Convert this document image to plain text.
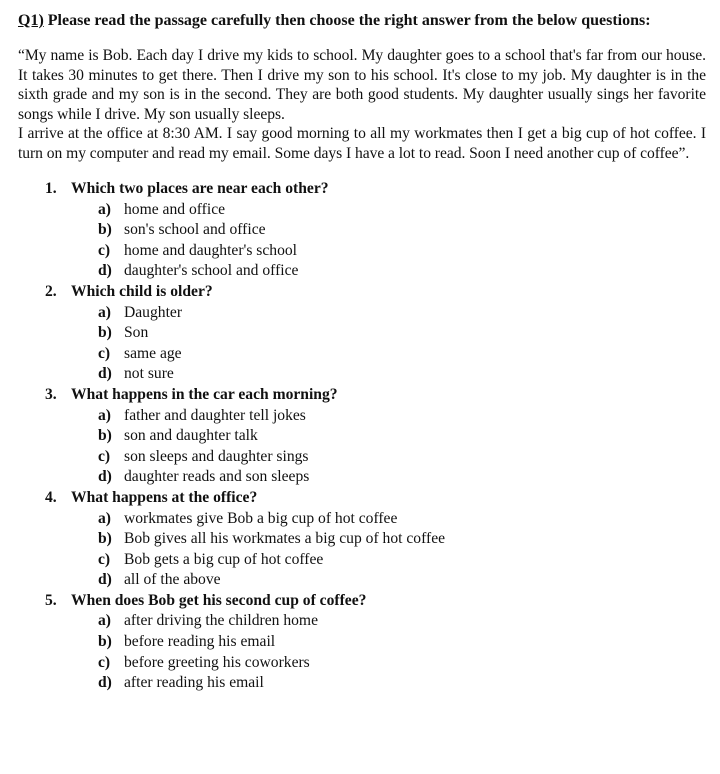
Q1) Please read the passage carefully then choose the right answer from the below questions:

“My name is Bob. Each day I drive my kids to school. My daughter goes to a school that's far from our house. It takes 30 minutes to get there. Then I drive my son to his school. It's close to my job. My daughter is in the sixth grade and my son is in the second. They are both good students. My daughter usually sings her favorite songs while I drive. My son usually sleeps.

I arrive at the office at 8:30 AM. I say good morning to all my workmates then I get a big cup of hot coffee. I turn on my computer and read my email. Some days I have a lot to read. Soon I need another cup of coffee”.

1. Which two places are near each other?
a) home and office
b) son's school and office
c) home and daughter's school
d) daughter's school and office
2. Which child is older?
a) Daughter
b) Son
c) same age
d) not sure
3. What happens in the car each morning?
a) father and daughter tell jokes
b) son and daughter talk
c) son sleeps and daughter sings
d) daughter reads and son sleeps
4. What happens at the office?
a) workmates give Bob a big cup of hot coffee
b) Bob gives all his workmates a big cup of hot coffee
c) Bob gets a big cup of hot coffee
d) all of the above
5. When does Bob get his second cup of coffee?
a) after driving the children home
b) before reading his email
c) before greeting his coworkers
d) after reading his email
